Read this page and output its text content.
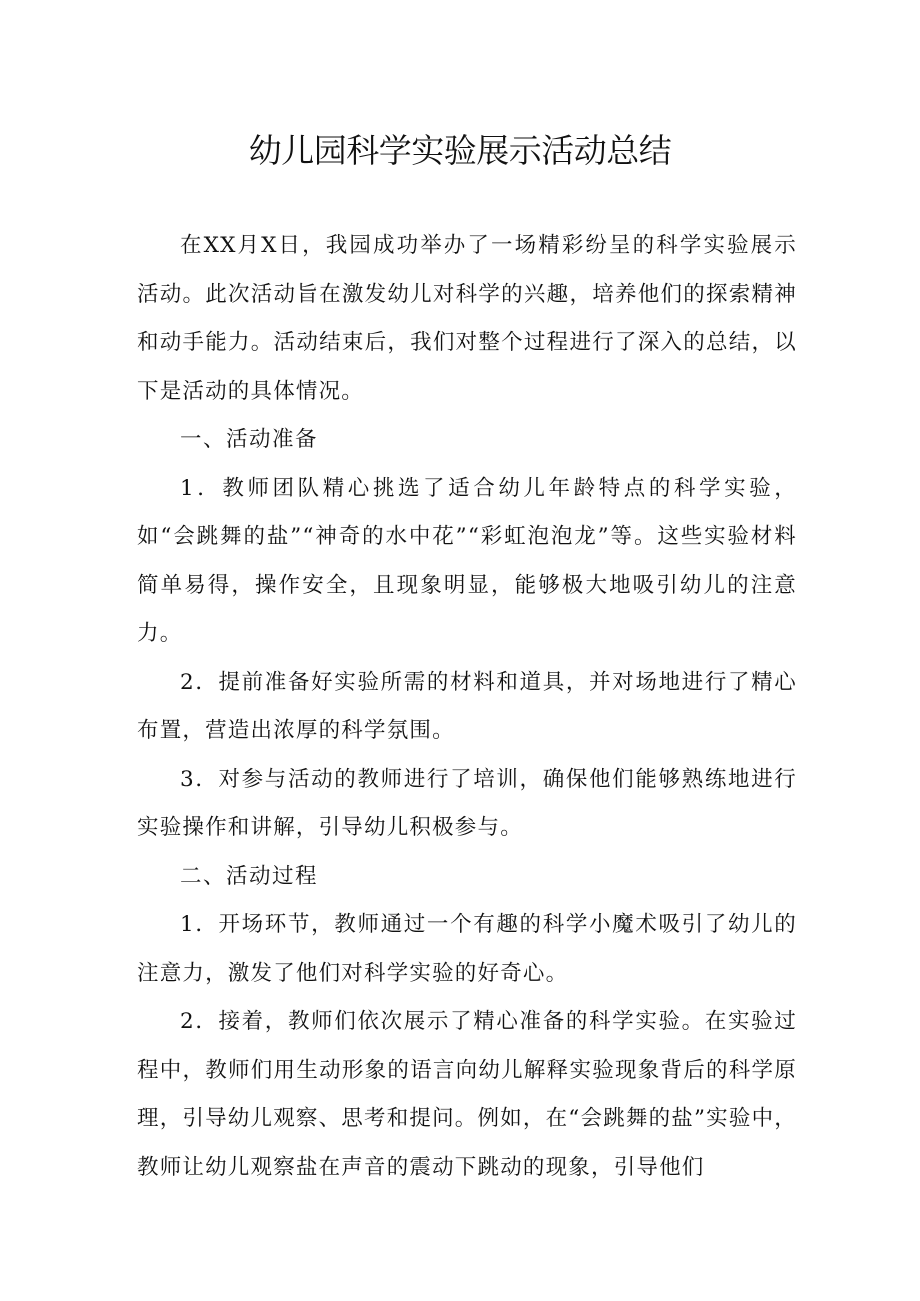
幼儿园科学实验展示活动总结

在XX月X日，我园成功举办了一场精彩纷呈的科学实验展示活动。此次活动旨在激发幼儿对科学的兴趣，培养他们的探索精神和动手能力。活动结束后，我们对整个过程进行了深入的总结，以下是活动的具体情况。

一、活动准备

1．教师团队精心挑选了适合幼儿年龄特点的科学实验，如“会跳舞的盐”“神奇的水中花”“彩虹泡泡龙”等。这些实验材料简单易得，操作安全，且现象明显，能够极大地吸引幼儿的注意力。

2．提前准备好实验所需的材料和道具，并对场地进行了精心布置，营造出浓厚的科学氛围。

3．对参与活动的教师进行了培训，确保他们能够熟练地进行实验操作和讲解，引导幼儿积极参与。

二、活动过程

1．开场环节，教师通过一个有趣的科学小魔术吸引了幼儿的注意力，激发了他们对科学实验的好奇心。

2．接着，教师们依次展示了精心准备的科学实验。在实验过程中，教师们用生动形象的语言向幼儿解释实验现象背后的科学原理，引导幼儿观察、思考和提问。例如，在“会跳舞的盐”实验中，教师让幼儿观察盐在声音的震动下跳动的现象，引导他们
